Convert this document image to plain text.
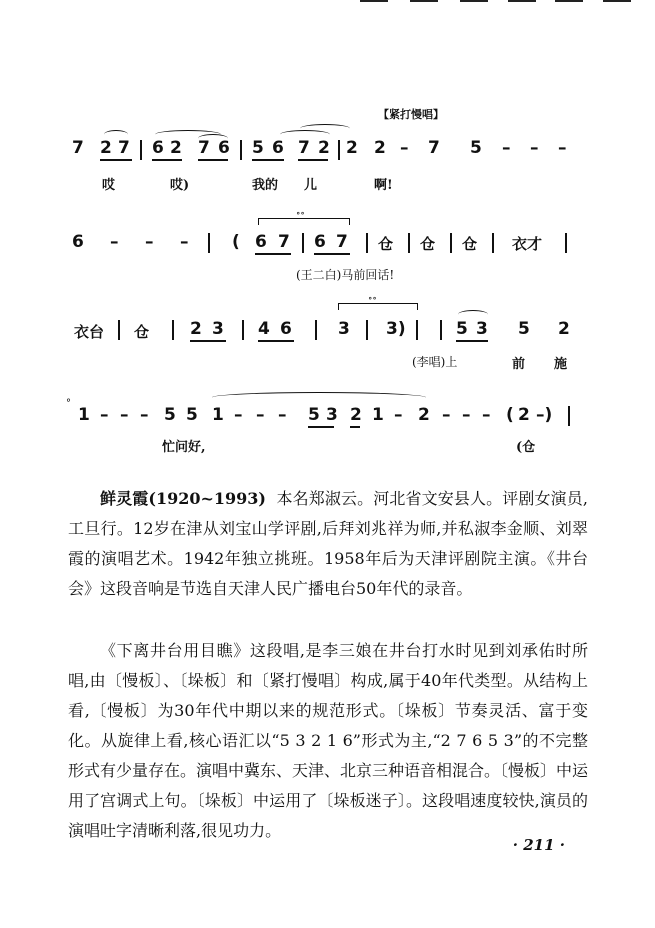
【紧打慢唱】
7 2 7 6 2 7 6 5 6 7 2 2 2 – 7 5 – – –
哎	哎)	我的 儿	啊!
6 – – –	( 6 7 6 7 仓 仓 仓 衣才
∘∘
(王二白)马前回话!
衣台 仓 2 3 4 6	3 3)	5 3 5 2
∘∘
(李唱)上	前 施
1 – – – 5 5 1 – – – 5 3 2 1 – 2 – – – ( 2 –)
°
忙问好,	(仓

鲜灵霞(1920~1993) 本名郑淑云。河北省文安县人。评剧女演员,工旦行。12岁在津从刘宝山学评剧,后拜刘兆祥为师,并私淑李金顺、刘翠霞的演唱艺术。1942年独立挑班。1958年后为天津评剧院主演。《井台会》这段音响是节选自天津人民广播电台50年代的录音。

《下离井台用目瞧》这段唱,是李三娘在井台打水时见到刘承佑时所唱,由〔慢板〕、〔垛板〕和〔紧打慢唱〕构成,属于40年代类型。从结构上看,〔慢板〕为30年代中期以来的规范形式。〔垛板〕节奏灵活、富于变化。从旋律上看,核心语汇以“5 3 2 1 6”形式为主,“2 7 6 5 3”的不完整形式有少量存在。演唱中冀东、天津、北京三种语音相混合。〔慢板〕中运用了宫调式上句。〔垛板〕中运用了〔垛板迷子〕。这段唱速度较快,演员的演唱吐字清晰利落,很见功力。

· 211 ·
